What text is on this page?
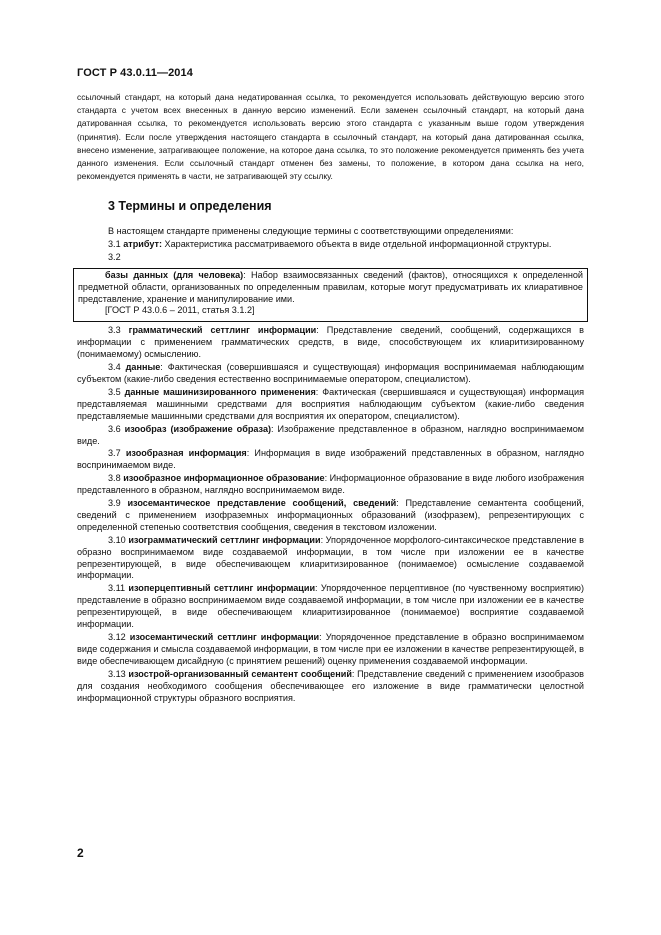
ГОСТ Р 43.0.11—2014
ссылочный стандарт, на который дана недатированная ссылка, то рекомендуется использовать действующую версию этого стандарта с учетом всех внесенных в данную версию изменений. Если заменен ссылочный стандарт, на который дана датированная ссылка, то рекомендуется использовать версию этого стандарта с указанным выше годом утверждения (принятия). Если после утверждения настоящего стандарта в ссылочный стандарт, на который дана датированная ссылка, внесено изменение, затрагивающее положение, на которое дана ссылка, то это положение рекомендуется применять без учета данного изменения. Если ссылочный стандарт отменен без замены, то положение, в котором дана ссылка на него, рекомендуется применять в части, не затрагивающей эту ссылку.
3 Термины и определения

В настоящем стандарте применены следующие термины с соответствующими определениями:

3.1 атрибут: Характеристика рассматриваемого объекта в виде отдельной информационной структуры.

3.2

базы данных (для человека): Набор взаимосвязанных сведений (фактов), относящихся к определенной предметной области, организованных по определенным правилам, которые могут предусматривать их клиаративное представление, хранение и манипулирование ими.

[ГОСТ Р 43.0.6 – 2011, статья 3.1.2]

3.3 грамматический сеттлинг информации: Представление сведений, сообщений, содержащихся в информации с применением грамматических средств, в виде, способствующем их клиаритизированному (понимаемому) осмыслению.

3.4 данные: Фактическая (совершившаяся и существующая) информация воспринимаемая наблюдающим субъектом (какие-либо сведения естественно воспринимаемые оператором, специалистом).

3.5 данные машинизированного применения: Фактическая (свершившаяся и существующая) информация представляемая машинными средствами для восприятия наблюдающим субъектом (какие-либо сведения представляемые машинными средствами для восприятия их оператором, специалистом).

3.6 изообраз (изображение образа): Изображение представленное в образном, наглядно воспринимаемом виде.

3.7 изообразная информация: Информация в виде изображений представленных в образном, наглядно воспринимаемом виде.

3.8 изообразное информационное образование: Информационное образование в виде любого изображения представленного в образном, наглядно воспринимаемом виде.

3.9 изосемантическое представление сообщений, сведений: Представление семантента сообщений, сведений с применением изофраземных информационных образований (изофразем), репрезентирующих с определенной степенью соответствия сообщения, сведения в текстовом изложении.

3.10 изограмматический сеттлинг информации: Упорядоченное морфолого-синтаксическое представление в образно воспринимаемом виде создаваемой информации, в том числе при изложении ее в качестве репрезентирующей, в виде обеспечивающем клиаритизированное (понимаемое) осмысление создаваемой информации.

3.11 изоперцептивный сеттлинг информации: Упорядоченное перцептивное (по чувственному восприятию) представление в образно воспринимаемом виде создаваемой информации, в том числе при изложении ее в качестве репрезентирующей, в виде обеспечивающем клиаритизированное (понимаемое) восприятие создаваемой информации.

3.12 изосемантический сеттлинг информации: Упорядоченное представление в образно воспринимаемом виде содержания и смысла создаваемой информации, в том числе при ее изложении в качестве репрезентирующей, в виде обеспечивающем дисайдную (с принятием решений) оценку применения создаваемой информации.

3.13 изострой-организованный семантент сообщений: Представление сведений с применением изообразов для создания необходимого сообщения обеспечивающее его изложение в виде грамматически целостной информационной структуры образного восприятия.

2
